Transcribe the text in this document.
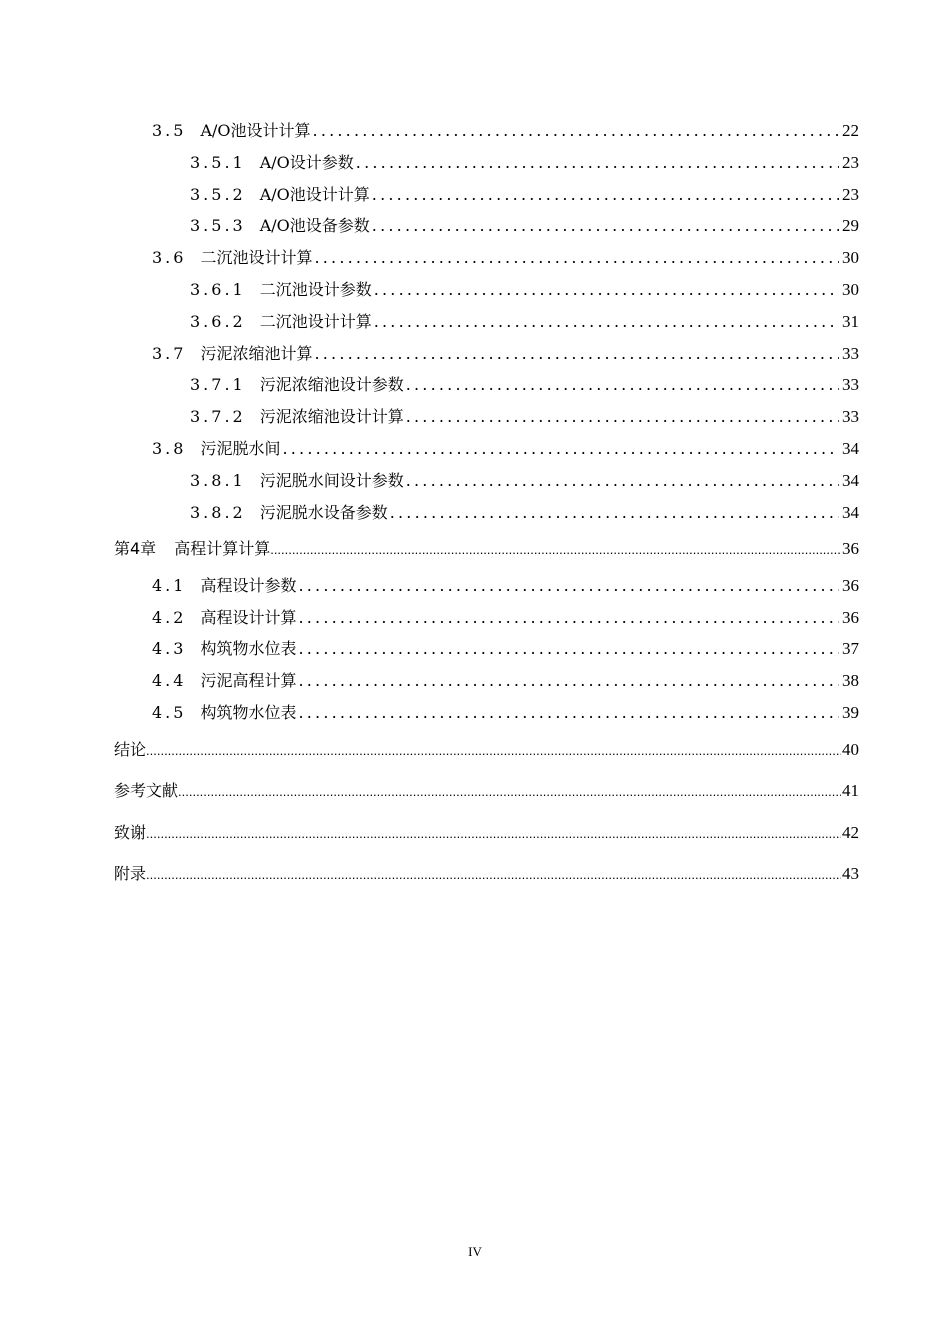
3.5 A/O池设计计算 .....	22
3.5.1 A/O设计参数 .....	23
3.5.2 A/O池设计计算 .....	23
3.5.3 A/O池设备参数 .....	29
3.6 二沉池设计计算 .....	30
3.6.1 二沉池设计参数 .....	30
3.6.2 二沉池设计计算 .....	31
3.7 污泥浓缩池计算 .....	33
3.7.1 污泥浓缩池设计参数 .....	33
3.7.2 污泥浓缩池设计计算 .....	33
3.8 污泥脱水间 .....	34
3.8.1 污泥脱水间设计参数 .....	34
3.8.2 污泥脱水设备参数 .....	34
第4章 高程计算计算 .....	36
4.1 高程设计参数 .....	36
4.2 高程设计计算 .....	36
4.3 构筑物水位表 .....	37
4.4 污泥高程计算 .....	38
4.5 构筑物水位表 .....	39
结论 .....	40
参考文献 .....	41
致谢 .....	42
附录 .....	43
IV
